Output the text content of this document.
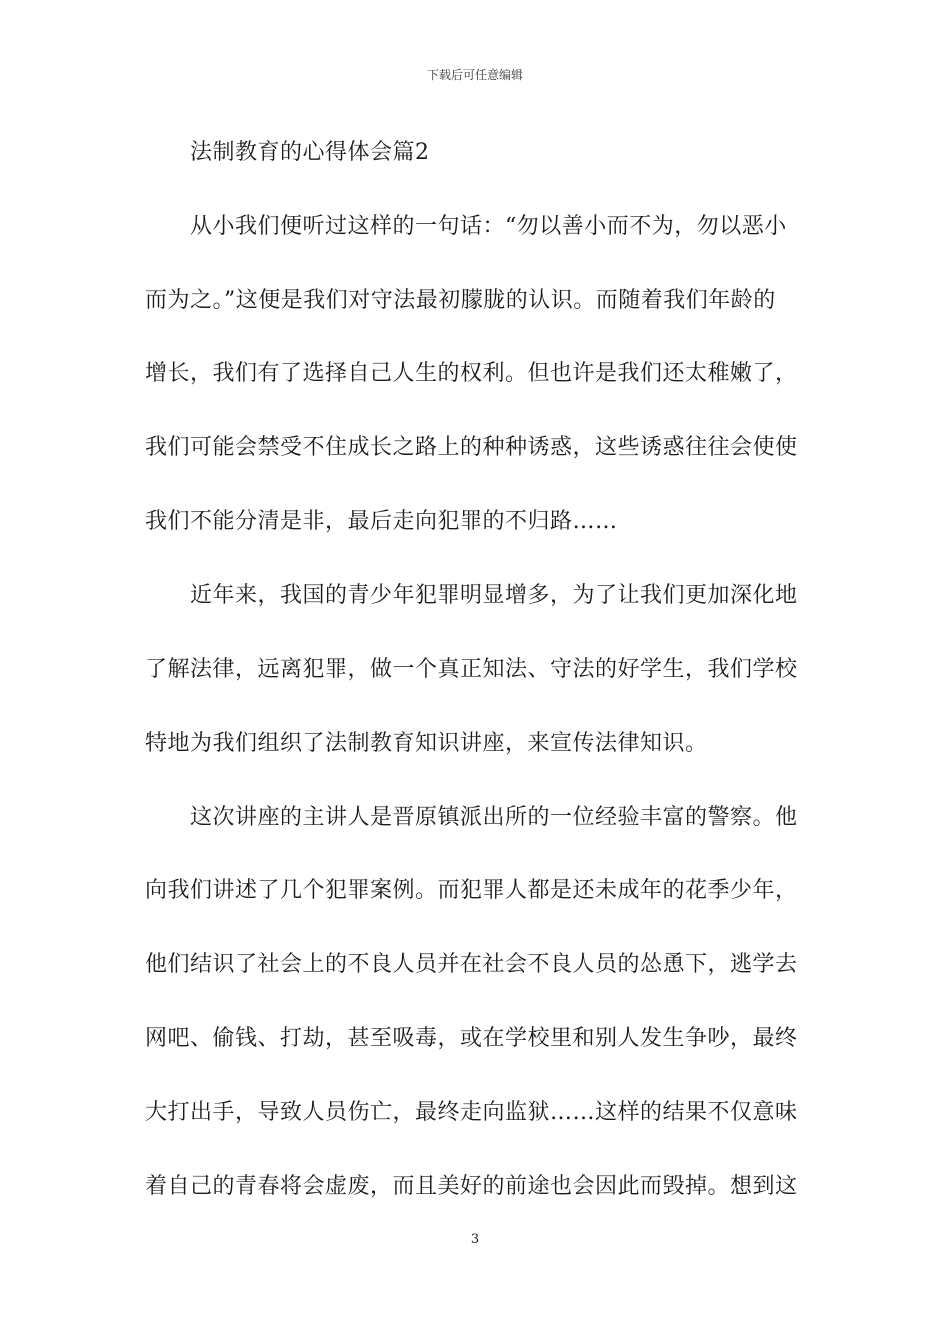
下载后可任意编辑
法制教育的心得体会篇2
从小我们便听过这样的一句话：“勿以善小而不为，勿以恶小
而为之。”这便是我们对守法最初朦胧的认识。而随着我们年龄的
增长，我们有了选择自己人生的权利。但也许是我们还太稚嫩了，
我们可能会禁受不住成长之路上的种种诱惑，这些诱惑往往会使使
我们不能分清是非，最后走向犯罪的不归路……
近年来，我国的青少年犯罪明显增多，为了让我们更加深化地
了解法律，远离犯罪，做一个真正知法、守法的好学生，我们学校
特地为我们组织了法制教育知识讲座，来宣传法律知识。
这次讲座的主讲人是晋原镇派出所的一位经验丰富的警察。他
向我们讲述了几个犯罪案例。而犯罪人都是还未成年的花季少年，
他们结识了社会上的不良人员并在社会不良人员的怂恿下，逃学去
网吧、偷钱、打劫，甚至吸毒，或在学校里和别人发生争吵，最终
大打出手，导致人员伤亡，最终走向监狱……这样的结果不仅意味
着自己的青春将会虚废，而且美好的前途也会因此而毁掉。想到这
3
